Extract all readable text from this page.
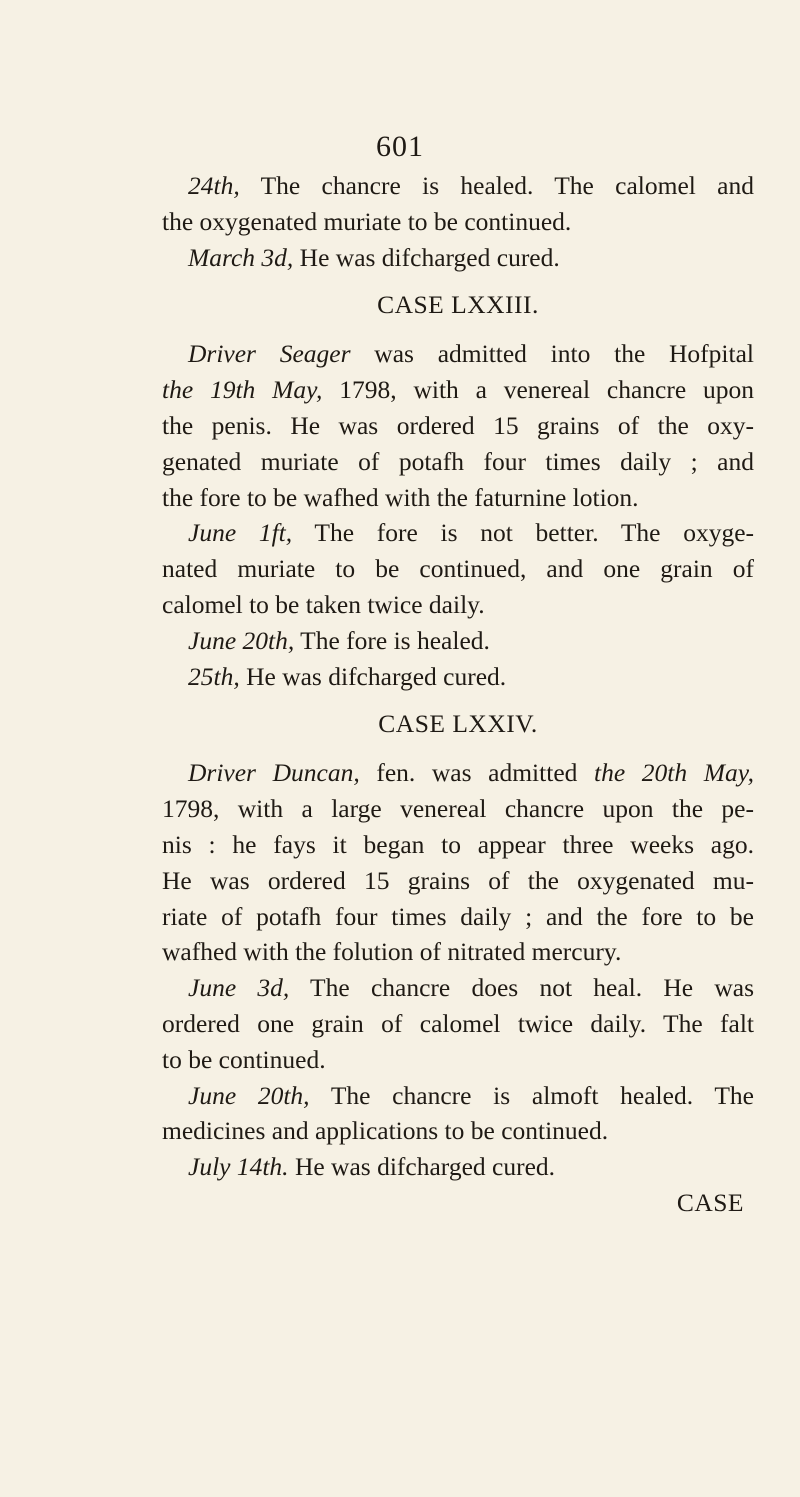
601
24th, The chancre is healed. The calomel and
the oxygenated muriate to be continued.
March 3d, He was difcharged cured.
CASE LXXIII.
Driver Seager was admitted into the Hofpital
the 19th May, 1798, with a venereal chancre upon
the penis. He was ordered 15 grains of the oxy-
genated muriate of potafh four times daily ; and
the fore to be wafhed with the faturnine lotion.
June 1ft, The fore is not better. The oxyge-
nated muriate to be continued, and one grain of
calomel to be taken twice daily.
June 20th, The fore is healed.
25th, He was difcharged cured.
CASE LXXIV.
Driver Duncan, fen. was admitted the 20th May,
1798, with a large venereal chancre upon the pe-
nis : he fays it began to appear three weeks ago.
He was ordered 15 grains of the oxygenated mu-
riate of potafh four times daily ; and the fore to be
wafhed with the folution of nitrated mercury.
June 3d, The chancre does not heal. He was
ordered one grain of calomel twice daily. The falt
to be continued.
June 20th, The chancre is almoft healed. The
medicines and applications to be continued.
July 14th. He was difcharged cured.
CASE
